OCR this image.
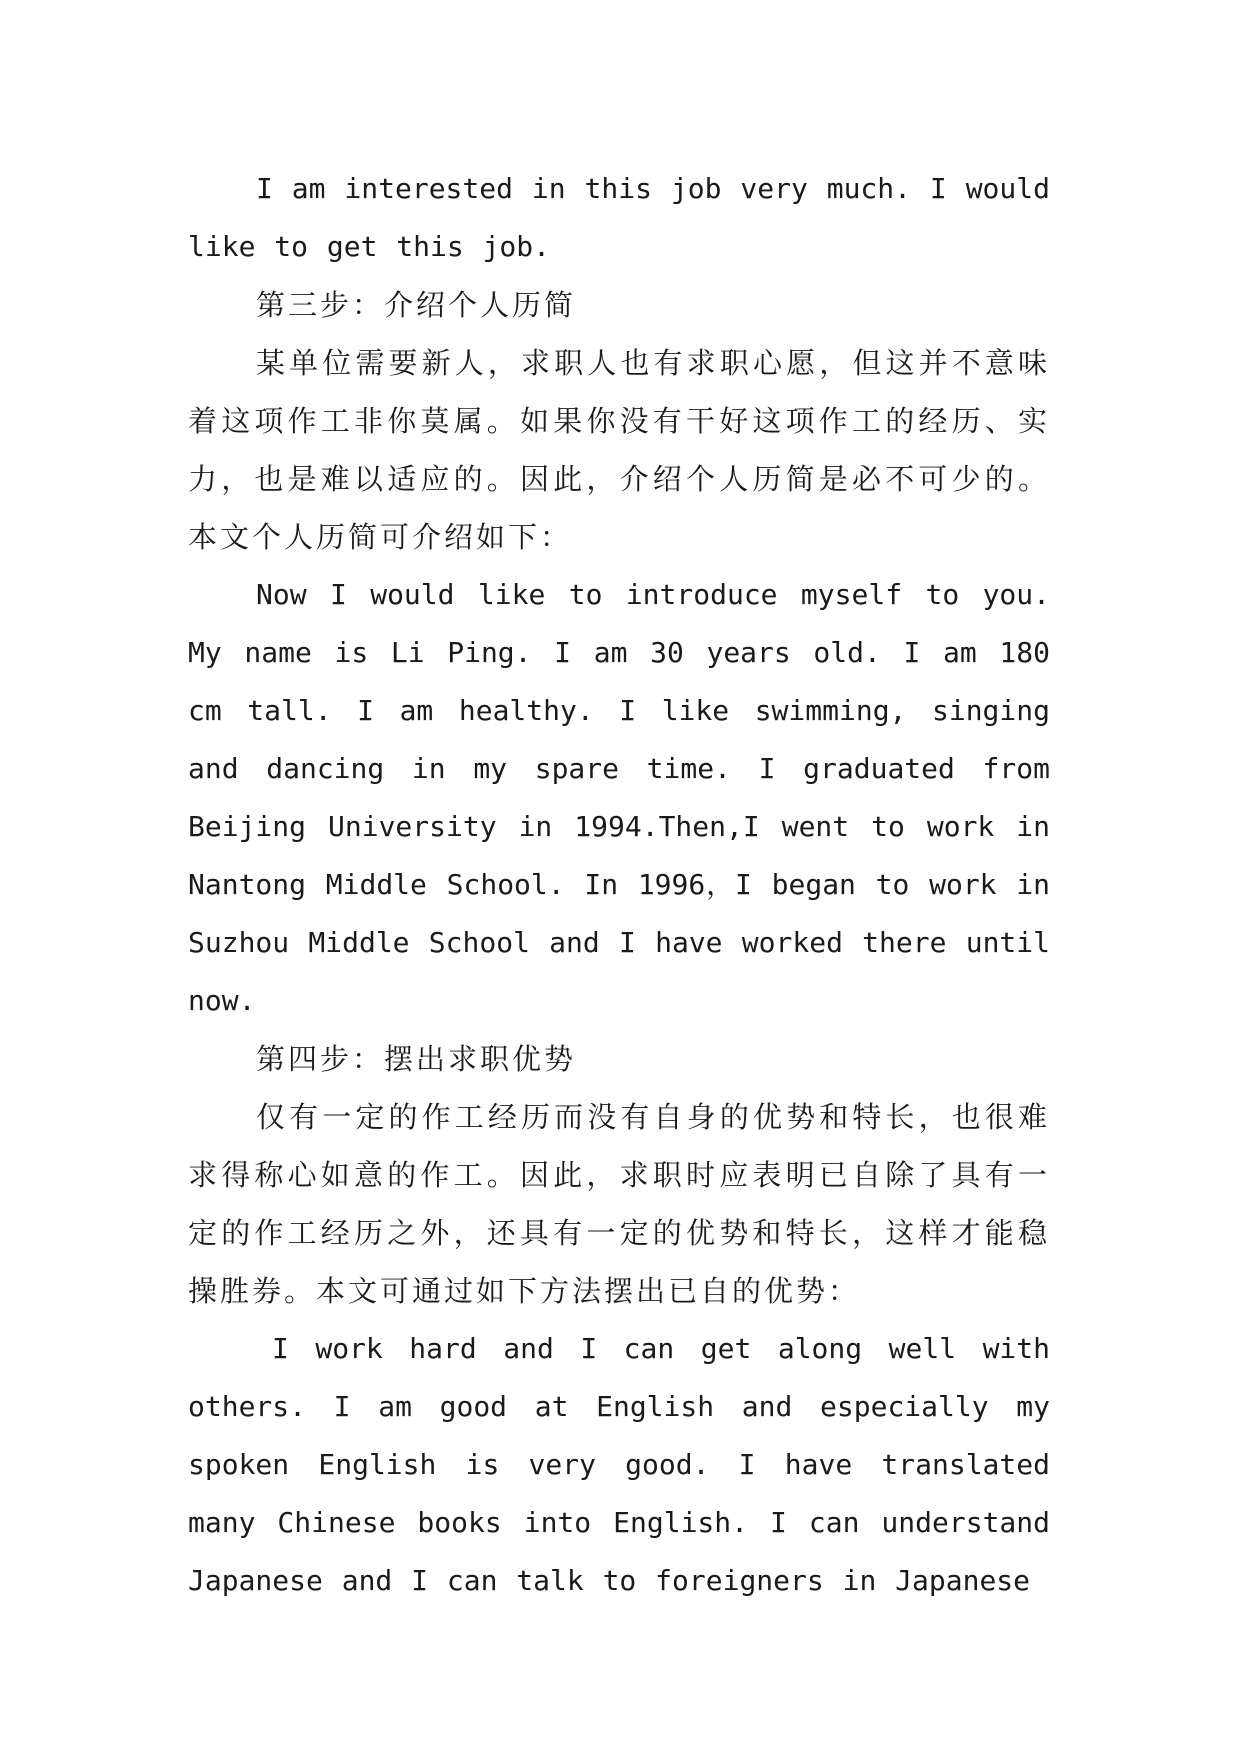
I am interested in this job very much. I would like to get this job.

第三步：介绍个人历简

某单位需要新人，求职人也有求职心愿，但这并不意味着这项作工非你莫属。如果你没有干好这项作工的经历、实力，也是难以适应的。因此，介绍个人历简是必不可少的。本文个人历简可介绍如下：

Now I would like to introduce myself to you. My name is Li Ping. I am 30 years old. I am 180 cm tall. I am healthy. I like swimming, singing and dancing in my spare time. I graduated from Beijing University in 1994.Then,I went to work in Nantong Middle School. In 1996，I began to work in Suzhou Middle School and I have worked there until now.

第四步：摆出求职优势

仅有一定的作工经历而没有自身的优势和特长，也很难求得称心如意的作工。因此，求职时应表明已自除了具有一定的作工经历之外，还具有一定的优势和特长，这样才能稳操胜券。本文可通过如下方法摆出已自的优势：

I work hard and I can get along well with others. I am good at English and especially my spoken English is very good. I have translated many Chinese books into English. I can understand Japanese and I can talk to foreigners in Japanese
